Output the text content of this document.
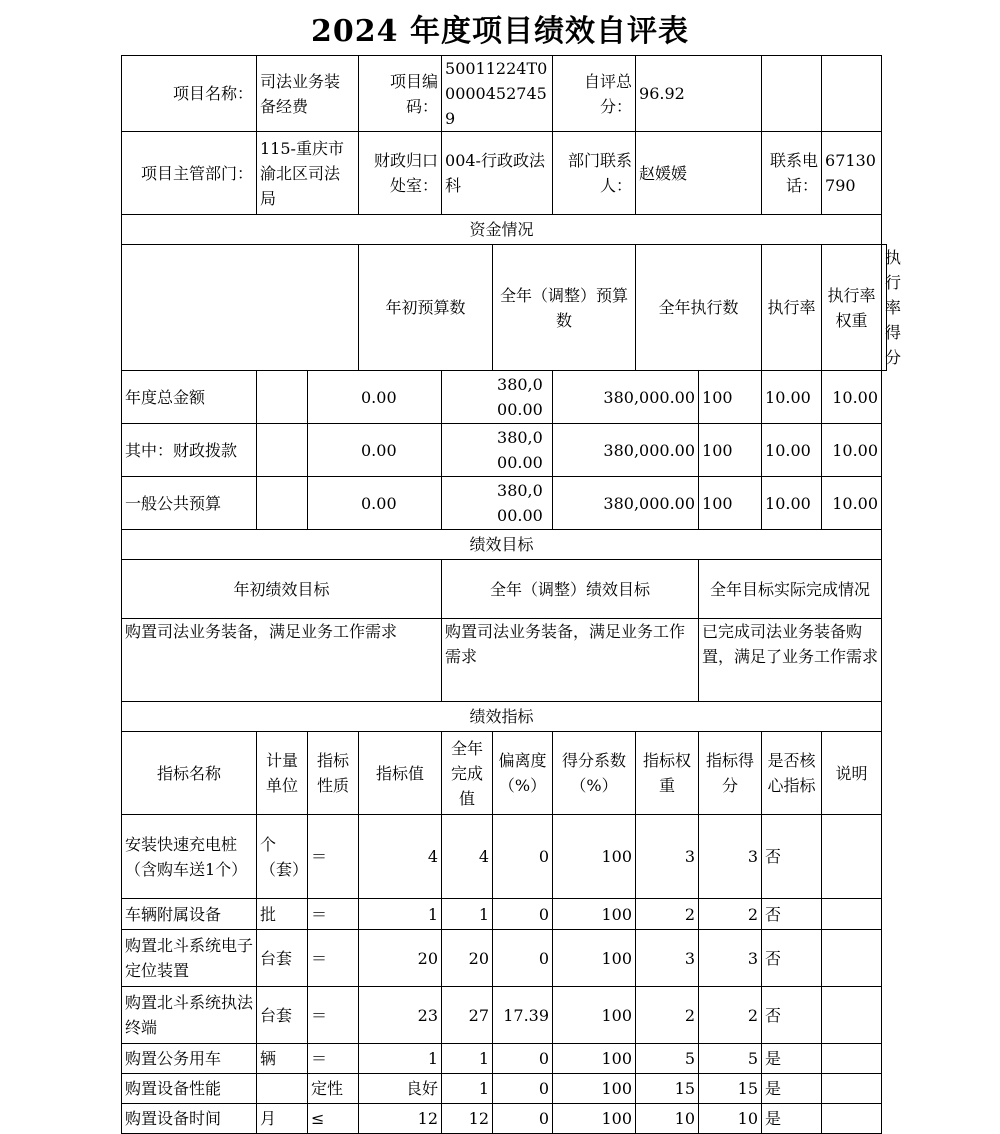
2024 年度项目绩效自评表
项目名称：	司法业务装备经费		项目编码：	50011224T000004527459		自评总分：	96.92				
项目主管部门：	115-重庆市渝北区司法局		财政归口处室：	004-行政政法科		部门联系人：	赵媛媛		联系电话：	67130790	
资金情况											
			年初预算数		全年（调整）预算数		全年执行数		执行率	执行率权重	执行率得分
年度总金额		0.00		380,000.00		380,000.00		100	10.00	10.00	
其中：财政拨款		0.00		380,000.00		380,000.00		100	10.00	10.00	
一般公共预算		0.00		380,000.00		380,000.00		100	10.00	10.00	
绩效目标											
年初绩效目标				全年（调整）绩效目标				全年目标实际完成情况			
购置司法业务装备，满足业务工作需求				购置司法业务装备，满足业务工作需求				已完成司法业务装备购置，满足了业务工作需求			
绩效指标											
指标名称	计量单位	指标性质	指标值	全年完成值	偏离度（%）	得分系数（%）	指标权重	指标得分	是否核心指标	说明	
安装快速充电桩（含购车送1个）	个（套）	＝	4	4	0	100	3	3	否		
车辆附属设备	批	＝	1	1	0	100	2	2	否		
购置北斗系统电子定位装置	台套	＝	20	20	0	100	3	3	否		
购置北斗系统执法终端	台套	＝	23	27	17.39	100	2	2	否		
购置公务用车	辆	＝	1	1	0	100	5	5	是		
购置设备性能		定性	良好	1	0	100	15	15	是		
购置设备时间	月	≤	12	12	0	100	10	10	是		
